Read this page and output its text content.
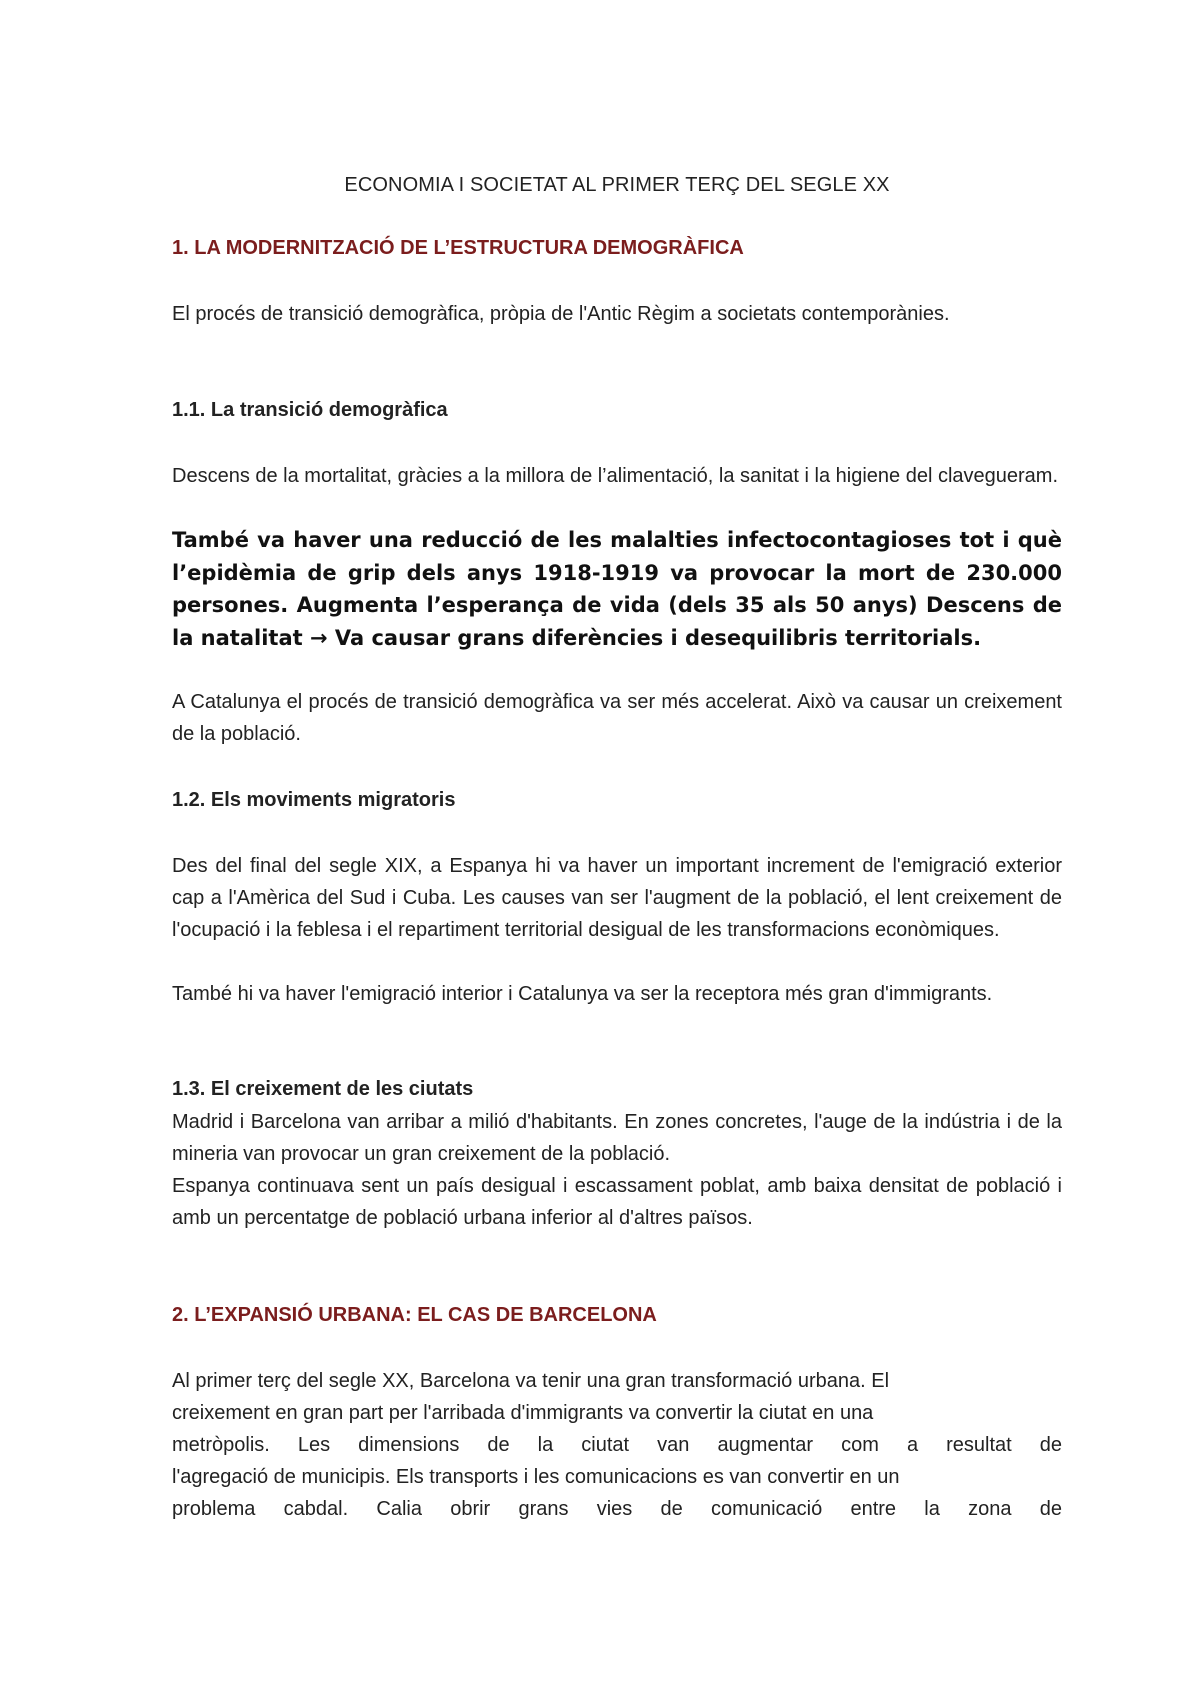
ECONOMIA I SOCIETAT AL PRIMER TERÇ DEL SEGLE XX
1. LA MODERNITZACIÓ DE L’ESTRUCTURA DEMOGRÀFICA
El procés de transició demogràfica, pròpia de l'Antic Règim a societats contemporànies.
1.1. La transició demogràfica
Descens de la mortalitat, gràcies a la millora de l’alimentació, la sanitat i la higiene del clavegueram.
També va haver una reducció de les malalties infectocontagioses tot i què l’epidèmia de grip dels anys 1918-1919 va provocar la mort de 230.000 persones. Augmenta l’esperança de vida (dels 35 als 50 anys) Descens de la natalitat → Va causar grans diferències i desequilibris territorials.
A Catalunya el procés de transició demogràfica va ser més accelerat. Això va causar un creixement de la població.
1.2. Els moviments migratoris
Des del final del segle XIX, a Espanya hi va haver un important increment de l'emigració exterior cap a l'Amèrica del Sud i Cuba. Les causes van ser l'augment de la població, el lent creixement de l'ocupació i la feblesa i el repartiment territorial desigual de les transformacions econòmiques.
També hi va haver l'emigració interior i Catalunya va ser la receptora més gran d'immigrants.
1.3. El creixement de les ciutats
Madrid i Barcelona van arribar a milió d'habitants. En zones concretes, l'auge de la indústria i de la mineria van provocar un gran creixement de la població.
Espanya continuava sent un país desigual i escassament poblat, amb baixa densitat de població i amb un percentatge de població urbana inferior al d'altres països.
2. L’EXPANSIÓ URBANA: EL CAS DE BARCELONA
Al primer terç del segle XX, Barcelona va tenir una gran transformació urbana. El
creixement en gran part per l'arribada d'immigrants va convertir la ciutat en una
metròpolis. Les dimensions de la ciutat van augmentar com a resultat de
l'agregació de municipis. Els transports i les comunicacions es van convertir en un
problema cabdal. Calia obrir grans vies de comunicació entre la zona de
